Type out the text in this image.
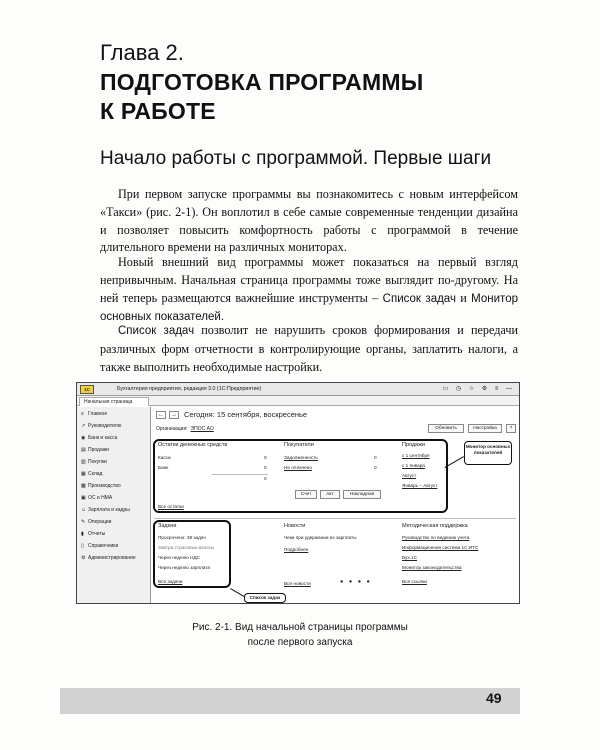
Глава 2.
ПОДГОТОВКА ПРОГРАММЫ
К РАБОТЕ
Начало работы с программой. Первые шаги

При первом запуске программы вы познакомитесь с новым интерфейсом «Такси» (рис. 2-1). Он воплотил в себе самые современные тенденции дизайна и позволяет повысить комфортность работы с программой в течение длительного времени на различных мониторах.

Новый внешний вид программы может показаться на первый взгляд непривычным. Начальная страница программы тоже выглядит по-другому. На ней теперь размещаются важнейшие инструменты – Список задач и Монитор основных показателей.

Список задач позволит не нарушить сроков формирования и передачи различных форм отчетности в контролирующие органы, заплатить налоги, а также выполнить необходимые настройки.

1С	Бухгалтерия предприятия, редакция 3.0 (1С:Предприятие)	▭ ◷ ☆ ⚙ ≡ —
Начальная страница
≡ Главное
↗ Руководителю
◉ Банк и касса
▤ Продажи
▥ Покупки
▦ Склад
▩ Производство
▣ ОС и НМА
☺ Зарплата и кадры
✎ Операции
▮ Отчеты
▯ Справочники
⚙ Администрирование
←	→ Сегодня: 15 сентября, воскресенье
Организация: ЭПОС АО	Обновить	Настройка	?
Остатки денежных средств
Касса	0
Банк	0
0
Все остатки
Покупатели
Задолженность	0
Не оплачено	0
Счет	Акт	Накладная
Продажи
с 1 сентября
с 1 января
Август
Январь – Август
Задачи
Просрочено: 38 задач
Завтра страховые взносы
Через неделю НДС
Через неделю зарплата
Все задачи
Новости
Чеки при удержании из зарплаты
Подробнее
Все новости	● ● ● ●
Методическая поддержка
Руководство по ведению учета
Информационная система 1С:ИТС
Бух.1С
Монитор законодательства
Все ссылки
Монитор основных показателей
Список задач
Рис. 2-1. Вид начальной страницы программы
после первого запуска
49
